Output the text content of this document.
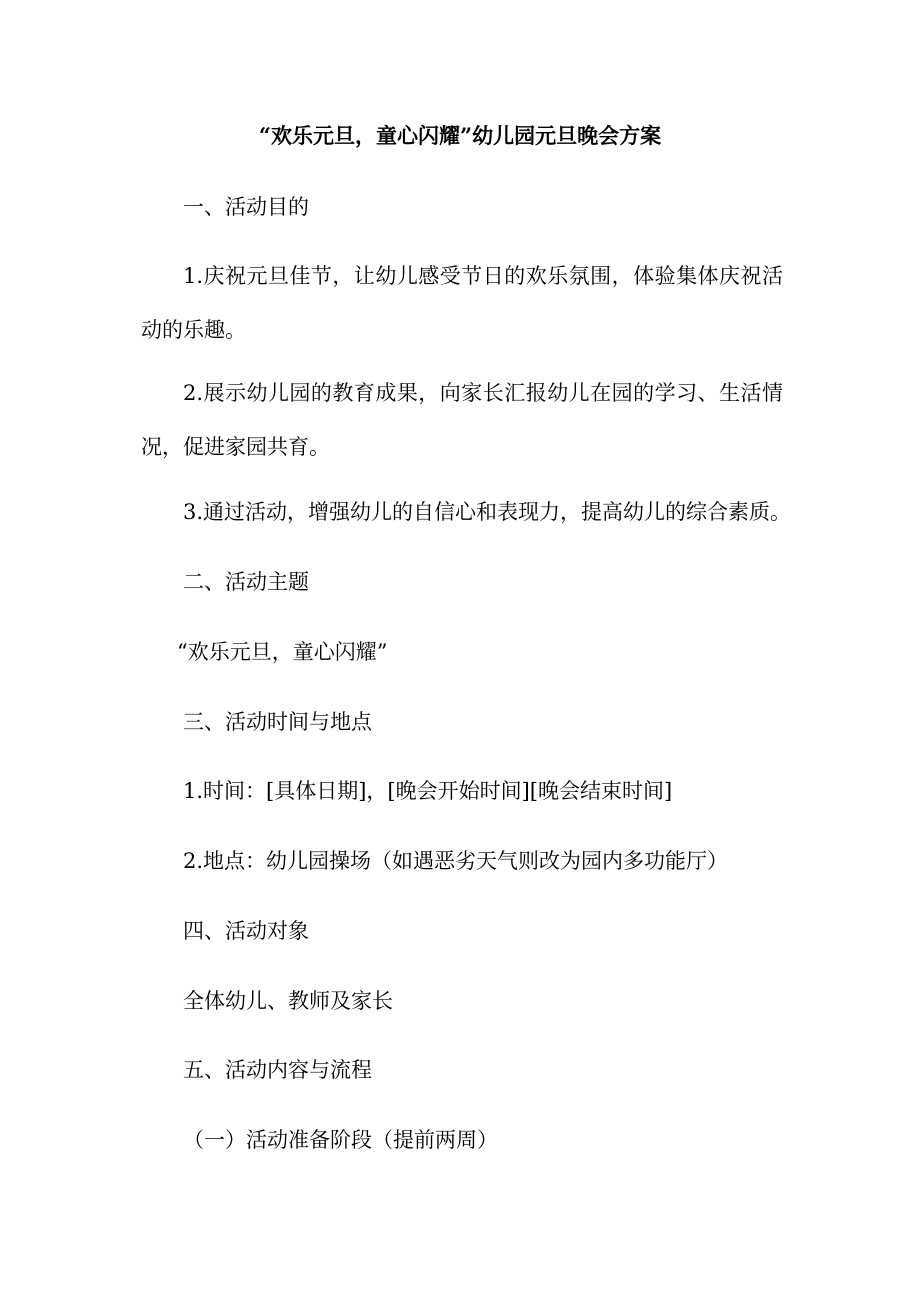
“欢乐元旦，童心闪耀”幼儿园元旦晚会方案
一、活动目的
1.庆祝元旦佳节，让幼儿感受节日的欢乐氛围，体验集体庆祝活动的乐趣。
2.展示幼儿园的教育成果，向家长汇报幼儿在园的学习、生活情况，促进家园共育。
3.通过活动，增强幼儿的自信心和表现力，提高幼儿的综合素质。
二、活动主题
“欢乐元旦，童心闪耀”
三、活动时间与地点
1.时间：[具体日期]，[晚会开始时间][晚会结束时间]
2.地点：幼儿园操场（如遇恶劣天气则改为园内多功能厅）
四、活动对象
全体幼儿、教师及家长
五、活动内容与流程
（一）活动准备阶段（提前两周）
